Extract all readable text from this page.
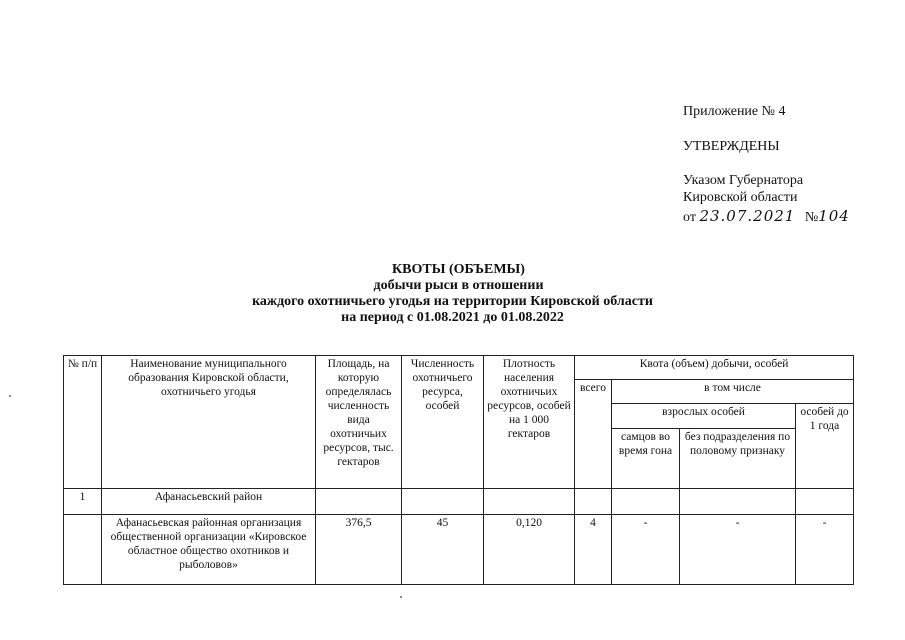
Приложение № 4
УТВЕРЖДЕНЫ
Указом Губернатора
Кировской области
от 23.07.2021 №104
КВОТЫ (ОБЪЕМЫ)
добычи рыси в отношении
каждого охотничьего угодья на территории Кировской области
на период с 01.08.2021 до 01.08.2022
№ п/п	Наименование муниципального образования Кировской области, охотничьего угодья	Площадь, на которую определялась численность вида охотничьих ресурсов, тыс. гектаров	Численность охотничьего ресурса, особей	Плотность населения охотничьих ресурсов, особей на 1 000 гектаров	Квота (объем) добычи, особей			
					всего	в том числе		
						взрослых особей		особей до 1 года
						самцов во время гона	без подразделения по половому признаку	
1	Афанасьевский район							
	Афанасьевская районная организация общественной организации «Кировское областное общество охотников и рыболовов»	376,5	45	0,120	4	-	-	-
